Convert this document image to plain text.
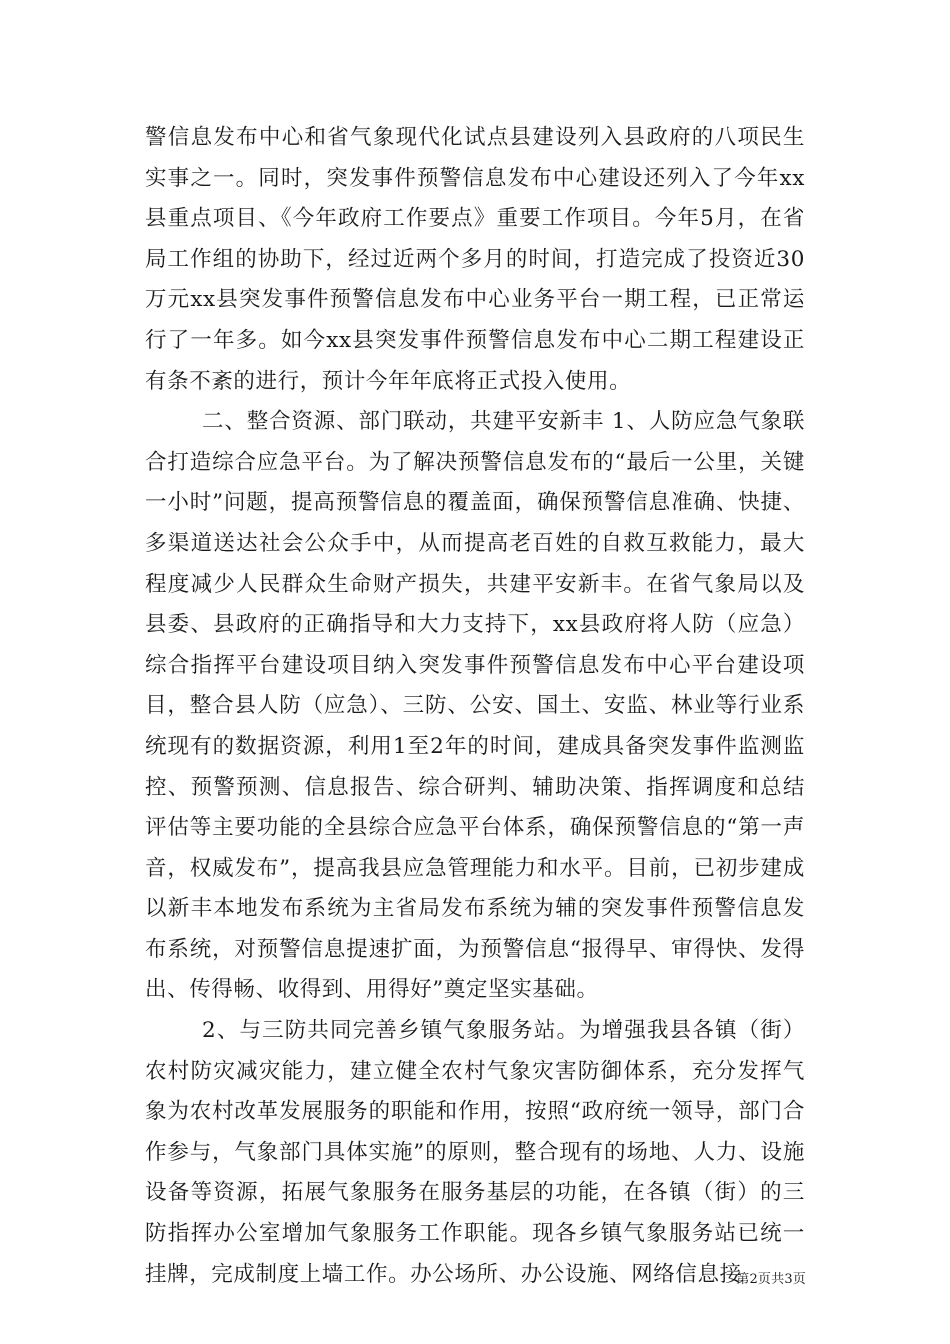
警信息发布中心和省气象现代化试点县建设列入县政府的八项民生实事之一。同时，突发事件预警信息发布中心建设还列入了今年xx县重点项目、《今年政府工作要点》重要工作项目。今年5月，在省局工作组的协助下，经过近两个多月的时间，打造完成了投资近30万元xx县突发事件预警信息发布中心业务平台一期工程，已正常运行了一年多。如今xx县突发事件预警信息发布中心二期工程建设正有条不紊的进行，预计今年年底将正式投入使用。

二、整合资源、部门联动，共建平安新丰 1、人防应急气象联合打造综合应急平台。为了解决预警信息发布的“最后一公里，关键一小时”问题，提高预警信息的覆盖面，确保预警信息准确、快捷、多渠道送达社会公众手中，从而提高老百姓的自救互救能力，最大程度减少人民群众生命财产损失，共建平安新丰。在省气象局以及县委、县政府的正确指导和大力支持下，xx县政府将人防（应急）综合指挥平台建设项目纳入突发事件预警信息发布中心平台建设项目，整合县人防（应急）、三防、公安、国土、安监、林业等行业系统现有的数据资源，利用1至2年的时间，建成具备突发事件监测监控、预警预测、信息报告、综合研判、辅助决策、指挥调度和总结评估等主要功能的全县综合应急平台体系，确保预警信息的“第一声音，权威发布”，提高我县应急管理能力和水平。目前，已初步建成以新丰本地发布系统为主省局发布系统为辅的突发事件预警信息发布系统，对预警信息提速扩面，为预警信息“报得早、审得快、发得出、传得畅、收得到、用得好”奠定坚实基础。

2、与三防共同完善乡镇气象服务站。为增强我县各镇（街）农村防灾减灾能力，建立健全农村气象灾害防御体系，充分发挥气象为农村改革发展服务的职能和作用，按照“政府统一领导，部门合作参与，气象部门具体实施”的原则，整合现有的场地、人力、设施设备等资源，拓展气象服务在服务基层的功能，在各镇（街）的三防指挥办公室增加气象服务工作职能。现各乡镇气象服务站已统一挂牌，完成制度上墙工作。办公场所、办公设施、网络信息接

第2页共3页
